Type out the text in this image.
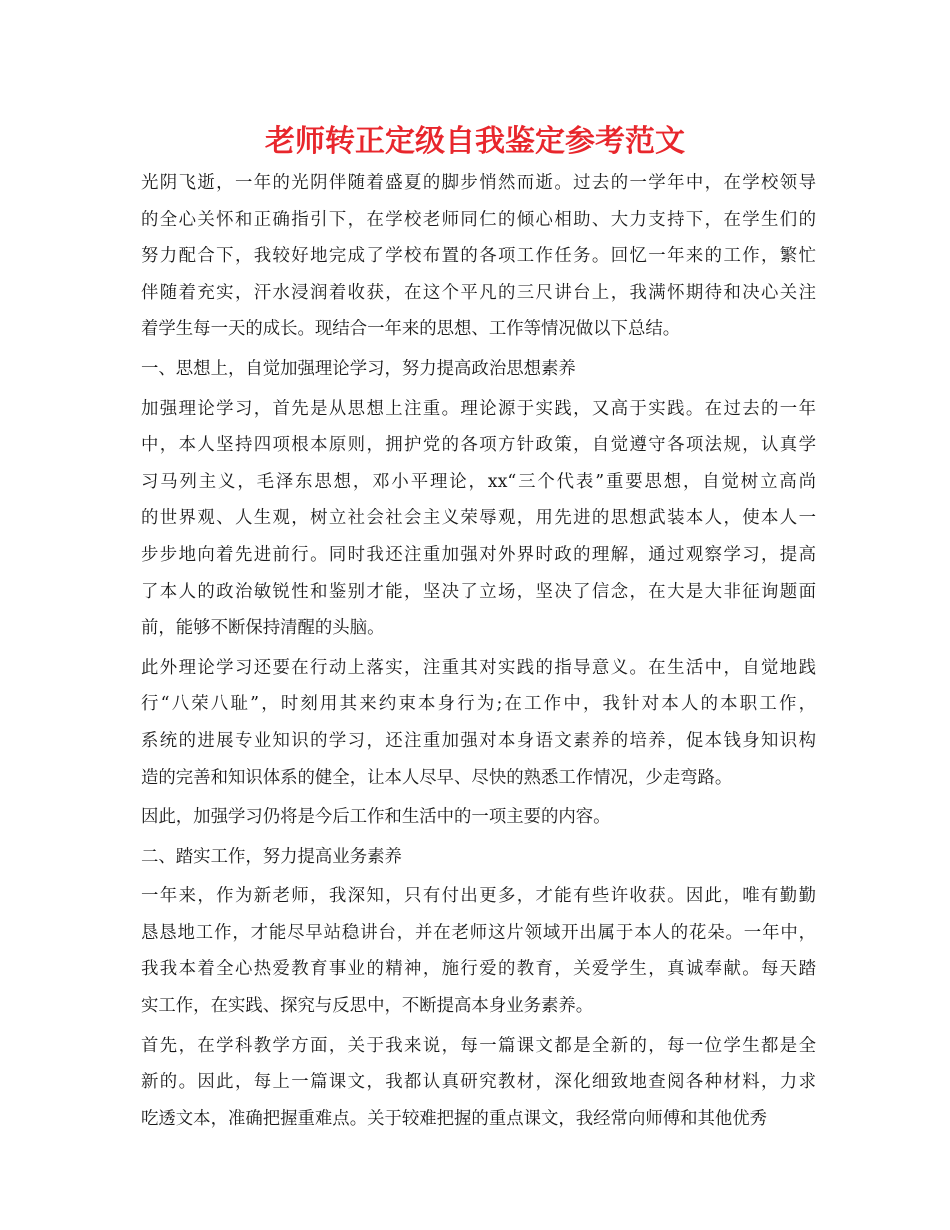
老师转正定级自我鉴定参考范文
光阴飞逝，一年的光阴伴随着盛夏的脚步悄然而逝。过去的一学年中，在学校领导
的全心关怀和正确指引下，在学校老师同仁的倾心相助、大力支持下，在学生们的
努力配合下，我较好地完成了学校布置的各项工作任务。回忆一年来的工作，繁忙
伴随着充实，汗水浸润着收获，在这个平凡的三尺讲台上，我满怀期待和决心关注
着学生每一天的成长。现结合一年来的思想、工作等情况做以下总结。
一、思想上，自觉加强理论学习，努力提高政治思想素养
加强理论学习，首先是从思想上注重。理论源于实践，又高于实践。在过去的一年
中，本人坚持四项根本原则，拥护党的各项方针政策，自觉遵守各项法规，认真学
习马列主义，毛泽东思想，邓小平理论，xx“三个代表”重要思想，自觉树立高尚
的世界观、人生观，树立社会社会主义荣辱观，用先进的思想武装本人，使本人一
步步地向着先进前行。同时我还注重加强对外界时政的理解，通过观察学习，提高
了本人的政治敏锐性和鉴别才能，坚决了立场，坚决了信念，在大是大非征询题面
前，能够不断保持清醒的头脑。
此外理论学习还要在行动上落实，注重其对实践的指导意义。在生活中，自觉地践
行“八荣八耻”，时刻用其来约束本身行为;在工作中，我针对本人的本职工作，
系统的进展专业知识的学习，还注重加强对本身语文素养的培养，促本钱身知识构
造的完善和知识体系的健全，让本人尽早、尽快的熟悉工作情况，少走弯路。
因此，加强学习仍将是今后工作和生活中的一项主要的内容。
二、踏实工作，努力提高业务素养
一年来，作为新老师，我深知，只有付出更多，才能有些许收获。因此，唯有勤勤
恳恳地工作，才能尽早站稳讲台，并在老师这片领域开出属于本人的花朵。一年中，
我我本着全心热爱教育事业的精神，施行爱的教育，关爱学生，真诚奉献。每天踏
实工作，在实践、探究与反思中，不断提高本身业务素养。
首先，在学科教学方面，关于我来说，每一篇课文都是全新的，每一位学生都是全
新的。因此，每上一篇课文，我都认真研究教材，深化细致地查阅各种材料，力求
吃透文本，准确把握重难点。关于较难把握的重点课文，我经常向师傅和其他优秀
